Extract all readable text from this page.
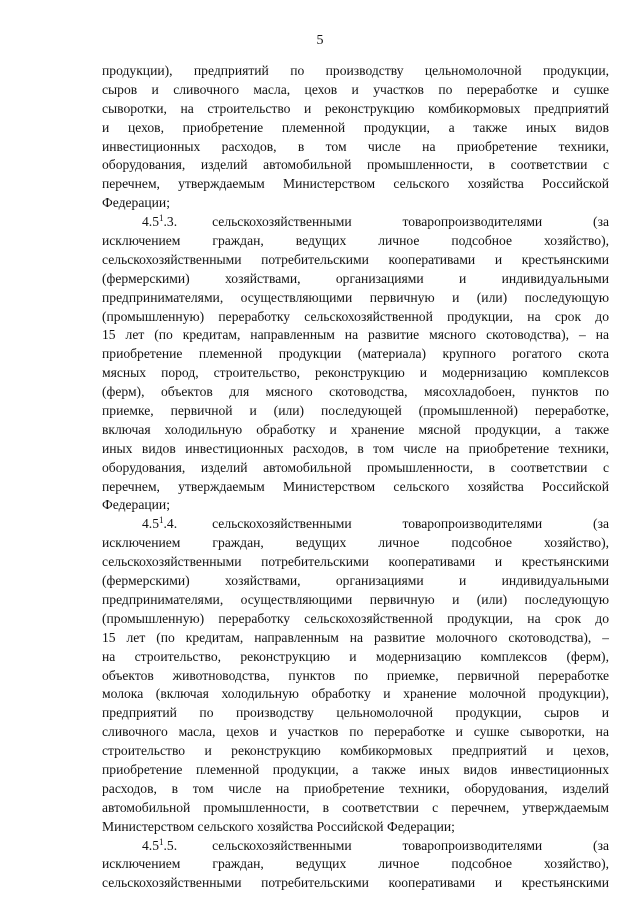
5
продукции), предприятий по производству цельномолочной продукции,
сыров и сливочного масла, цехов и участков по переработке и сушке
сыворотки, на строительство и реконструкцию комбикормовых предприятий
и цехов, приобретение племенной продукции, а также иных видов
инвестиционных расходов, в том числе на приобретение техники,
оборудования, изделий автомобильной промышленности, в соответствии с
перечнем, утверждаемым Министерством сельского хозяйства Российской
Федерации;
$4.5^1.3$.	сельскохозяйственными товаропроизводителями (за
исключением граждан, ведущих личное подсобное хозяйство),
сельскохозяйственными потребительскими кооперативами и крестьянскими
(фермерскими) хозяйствами, организациями и индивидуальными
предпринимателями, осуществляющими первичную и (или) последующую
(промышленную) переработку сельскохозяйственной продукции, на срок до
15 лет (по кредитам, направленным на развитие мясного скотоводства), – на
приобретение племенной продукции (материала) крупного рогатого скота
мясных пород, строительство, реконструкцию и модернизацию комплексов
(ферм), объектов для мясного скотоводства, мясохладобоен, пунктов по
приемке, первичной и (или) последующей (промышленной) переработке,
включая холодильную обработку и хранение мясной продукции, а также
иных видов инвестиционных расходов, в том числе на приобретение техники,
оборудования, изделий автомобильной промышленности, в соответствии с
перечнем, утверждаемым Министерством сельского хозяйства Российской
Федерации;
$4.5^1.4$.	сельскохозяйственными товаропроизводителями (за
исключением граждан, ведущих личное подсобное хозяйство),
сельскохозяйственными потребительскими кооперативами и крестьянскими
(фермерскими) хозяйствами, организациями и индивидуальными
предпринимателями, осуществляющими первичную и (или) последующую
(промышленную) переработку сельскохозяйственной продукции, на срок до
15 лет (по кредитам, направленным на развитие молочного скотоводства), –
на строительство, реконструкцию и модернизацию комплексов (ферм),
объектов животноводства, пунктов по приемке, первичной переработке
молока (включая холодильную обработку и хранение молочной продукции),
предприятий по производству цельномолочной продукции, сыров и
сливочного масла, цехов и участков по переработке и сушке сыворотки, на
строительство и реконструкцию комбикормовых предприятий и цехов,
приобретение племенной продукции, а также иных видов инвестиционных
расходов, в том числе на приобретение техники, оборудования, изделий
автомобильной промышленности, в соответствии с перечнем, утверждаемым
Министерством сельского хозяйства Российской Федерации;
$4.5^1.5$.	сельскохозяйственными товаропроизводителями (за
исключением граждан, ведущих личное подсобное хозяйство),
сельскохозяйственными потребительскими кооперативами и крестьянскими
